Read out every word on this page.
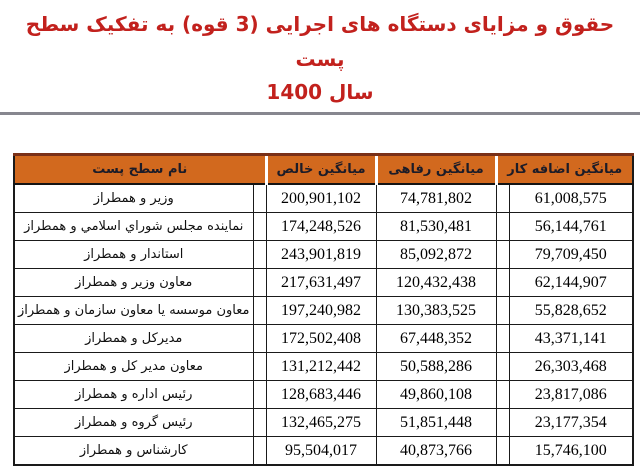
حقوق و مزایای دستگاه های اجرایی (3 قوه) به تفکیک سطح پست
سال 1400
نام سطح پست		میانگین خالص	میانگین رفاهی	میانگین اضافه کار	
وزیر و همطراز		200,901,102	74,781,802		61,008,575
نماینده مجلس شوراي اسلامي و همطراز		174,248,526	81,530,481		56,144,761
استاندار و همطراز		243,901,819	85,092,872		79,709,450
معاون وزیر و همطراز		217,631,497	120,432,438		62,144,907
معاون موسسه یا معاون سازمان و همطراز		197,240,982	130,383,525		55,828,652
مدیرکل و همطراز		172,502,408	67,448,352		43,371,141
معاون مدیر کل و همطراز		131,212,442	50,588,286		26,303,468
رئیس اداره و همطراز		128,683,446	49,860,108		23,817,086
رئیس گروه و همطراز		132,465,275	51,851,448		23,177,354
کارشناس و همطراز		95,504,017	40,873,766		15,746,100
